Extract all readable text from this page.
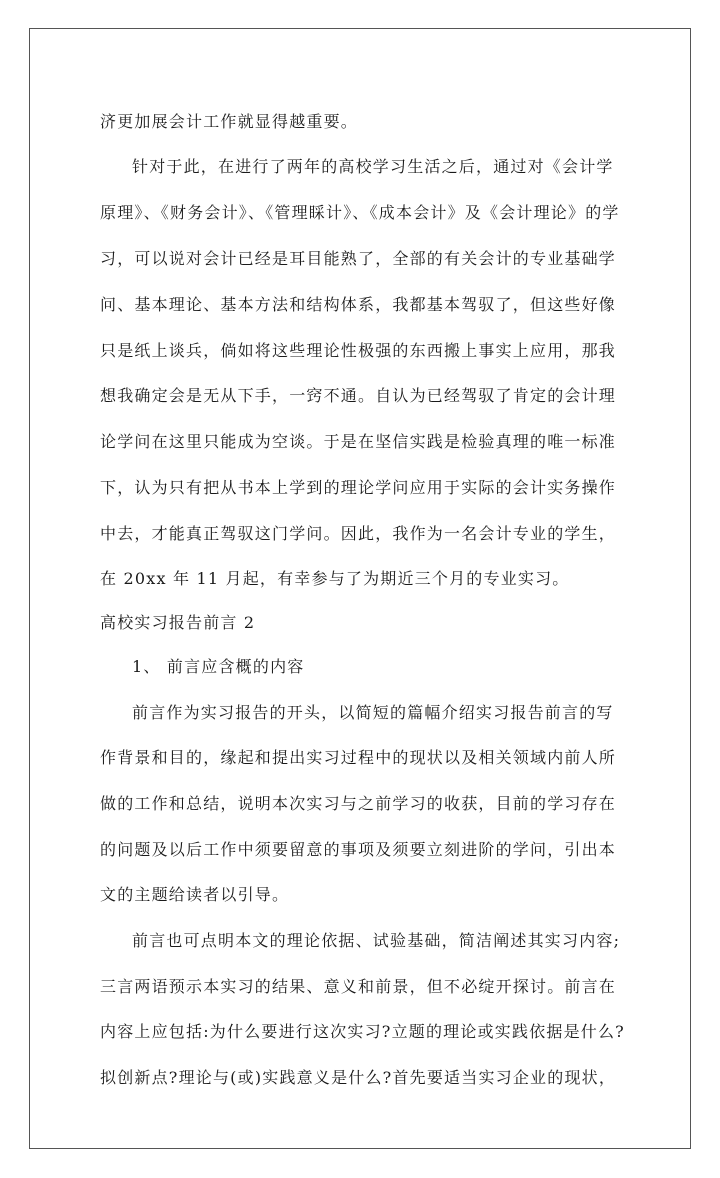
济更加展会计工作就显得越重要。
针对于此，在进行了两年的高校学习生活之后，通过对《会计学
原理》、《财务会计》、《管理睬计》、《成本会计》及《会计理论》的学
习，可以说对会计已经是耳目能熟了，全部的有关会计的专业基础学
问、基本理论、基本方法和结构体系，我都基本驾驭了，但这些好像
只是纸上谈兵，倘如将这些理论性极强的东西搬上事实上应用，那我
想我确定会是无从下手，一窍不通。自认为已经驾驭了肯定的会计理
论学问在这里只能成为空谈。于是在坚信实践是检验真理的唯一标准
下，认为只有把从书本上学到的理论学问应用于实际的会计实务操作
中去，才能真正驾驭这门学问。因此，我作为一名会计专业的学生，
在 20xx 年 11 月起，有幸参与了为期近三个月的专业实习。
高校实习报告前言 2
1、 前言应含概的内容
前言作为实习报告的开头，以简短的篇幅介绍实习报告前言的写
作背景和目的，缘起和提出实习过程中的现状以及相关领域内前人所
做的工作和总结，说明本次实习与之前学习的收获，目前的学习存在
的问题及以后工作中须要留意的事项及须要立刻进阶的学问，引出本
文的主题给读者以引导。
前言也可点明本文的理论依据、试验基础，简洁阐述其实习内容;
三言两语预示本实习的结果、意义和前景，但不必绽开探讨。前言在
内容上应包括:为什么要进行这次实习?立题的理论或实践依据是什么?
拟创新点?理论与(或)实践意义是什么?首先要适当实习企业的现状，
